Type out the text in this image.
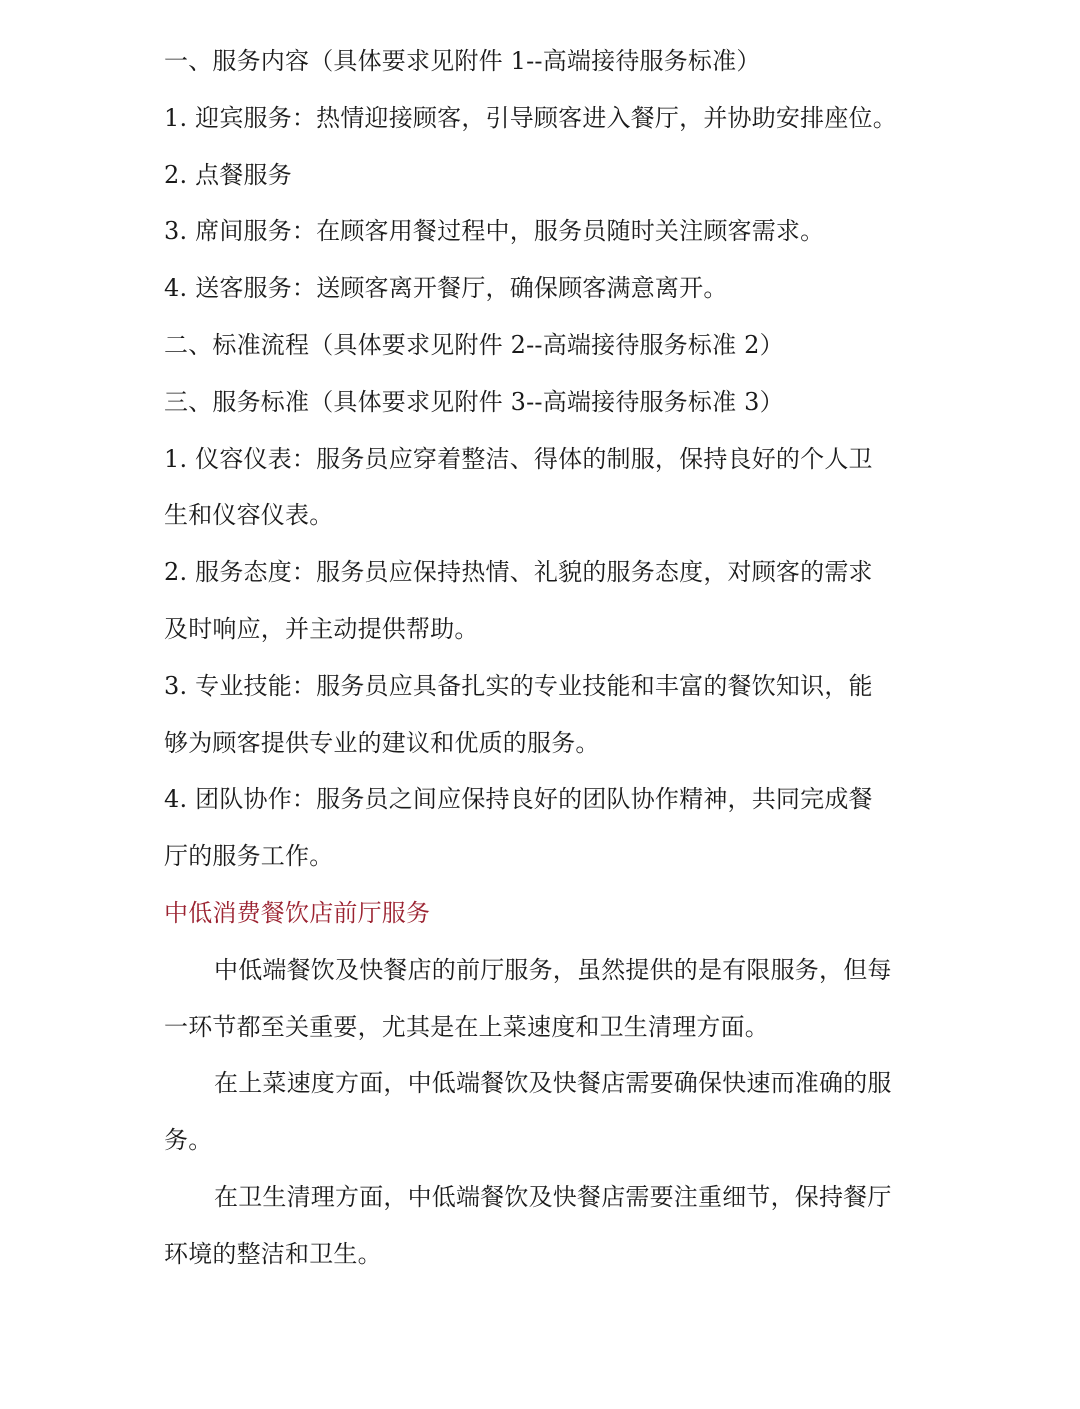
一、服务内容（具体要求见附件 1--高端接待服务标准）
1. 迎宾服务：热情迎接顾客，引导顾客进入餐厅，并协助安排座位。
2. 点餐服务
3. 席间服务：在顾客用餐过程中，服务员随时关注顾客需求。
4. 送客服务：送顾客离开餐厅，确保顾客满意离开。
二、标准流程（具体要求见附件 2--高端接待服务标准 2）
三、服务标准（具体要求见附件 3--高端接待服务标准 3）
1. 仪容仪表：服务员应穿着整洁、得体的制服，保持良好的个人卫
生和仪容仪表。
2. 服务态度：服务员应保持热情、礼貌的服务态度，对顾客的需求
及时响应，并主动提供帮助。
3. 专业技能：服务员应具备扎实的专业技能和丰富的餐饮知识，能
够为顾客提供专业的建议和优质的服务。
4. 团队协作：服务员之间应保持良好的团队协作精神，共同完成餐
厅的服务工作。
中低消费餐饮店前厅服务
中低端餐饮及快餐店的前厅服务，虽然提供的是有限服务，但每
一环节都至关重要，尤其是在上菜速度和卫生清理方面。
在上菜速度方面，中低端餐饮及快餐店需要确保快速而准确的服
务。
在卫生清理方面，中低端餐饮及快餐店需要注重细节，保持餐厅
环境的整洁和卫生。
